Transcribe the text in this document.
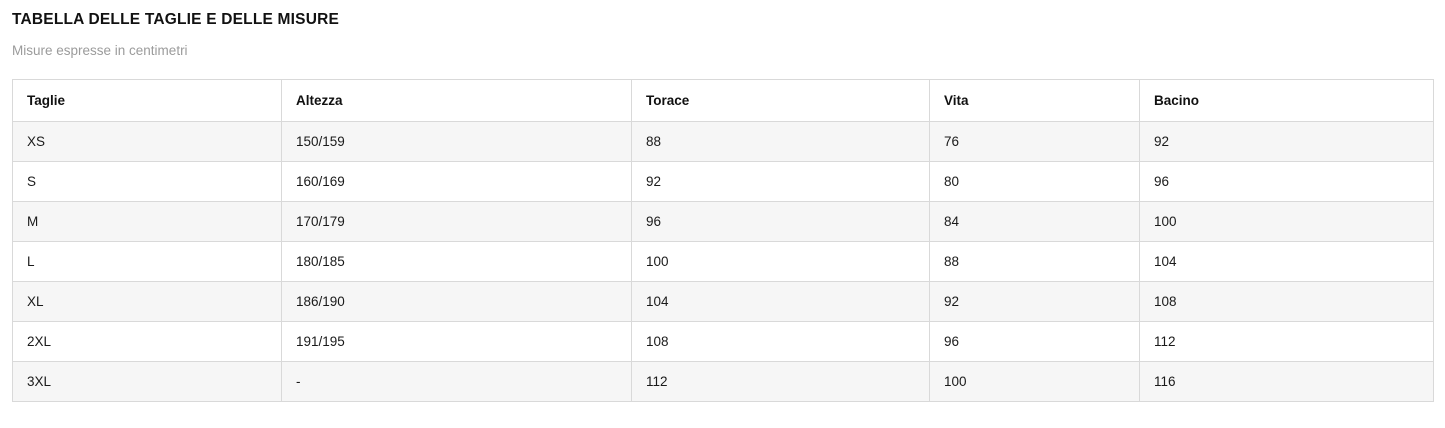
TABELLA DELLE TAGLIE E DELLE MISURE

Misure espresse in centimetri

Taglie	Altezza	Torace	Vita	Bacino
XS	150/159	88	76	92
S	160/169	92	80	96
M	170/179	96	84	100
L	180/185	100	88	104
XL	186/190	104	92	108
2XL	191/195	108	96	112
3XL	-	112	100	116
